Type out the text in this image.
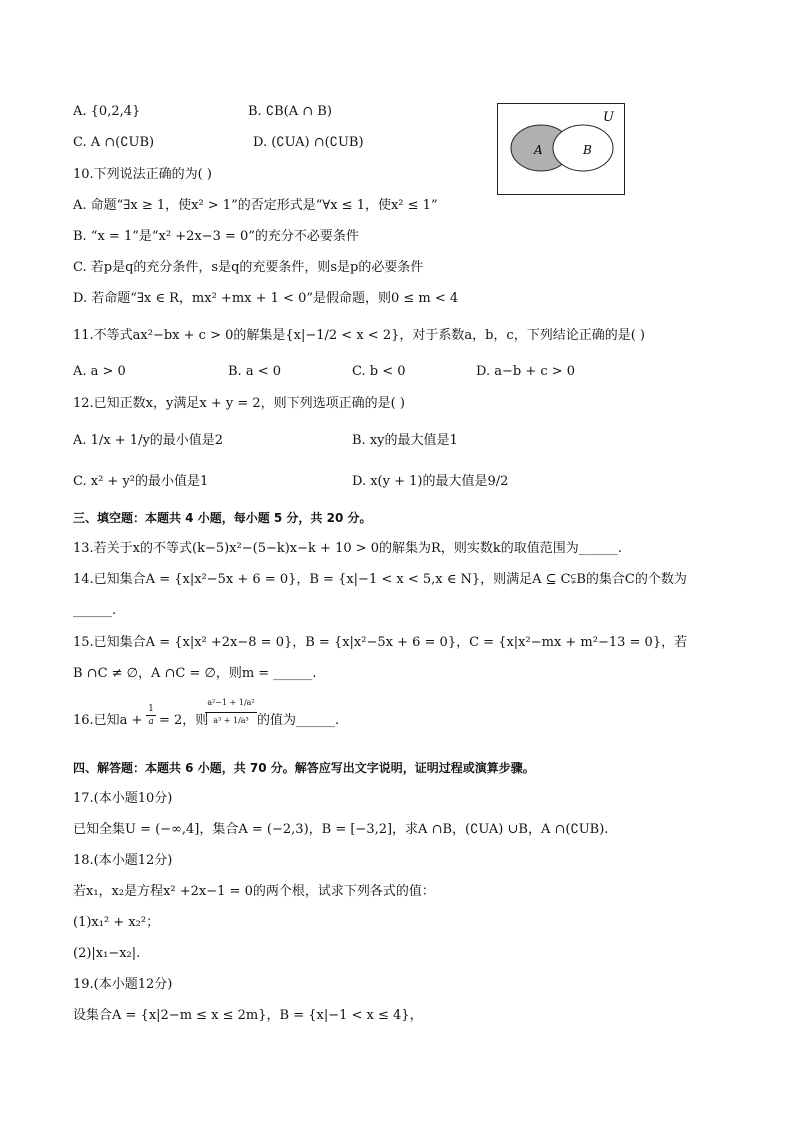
A. {0,2,4}	B. ∁B(A ∩ B)
C. A ∩(∁UB)	D. (∁UA) ∩(∁UB)
U
A	B
10.下列说法正确的为( )
A. 命题“∃x ≥ 1，使x² > 1”的否定形式是“∀x ≤ 1，使x² ≤ 1”
B. “x = 1”是“x² +2x−3 = 0”的充分不必要条件
C. 若p是q的充分条件，s是q的充要条件，则s是p的必要条件
D. 若命题“∃x ∈ R，mx² +mx + 1 < 0”是假命题，则0 ≤ m < 4
11.不等式ax²−bx + c > 0的解集是{x|−1/2 < x < 2}，对于系数a，b，c，下列结论正确的是( )
A. a > 0	B. a < 0	C. b < 0	D. a−b + c > 0
12.已知正数x，y满足x + y = 2，则下列选项正确的是( )
A. 1/x + 1/y的最小值是2	B. xy的最大值是1
C. x² + y²的最小值是1	D. x(y + 1)的最大值是9/2
三、填空题：本题共 4 小题，每小题 5 分，共 20 分。
13.若关于x的不等式(k−5)x²−(5−k)x−k + 10 > 0的解集为R，则实数k的取值范围为______.
14.已知集合A = {x|x²−5x + 6 = 0}，B = {x|−1 < x < 5,x ∈ N}，则满足A ⊆ C⫋B的集合C的个数为
______.
15.已知集合A = {x|x² +2x−8 = 0}，B = {x|x²−5x + 6 = 0}，C = {x|x²−mx + m²−13 = 0}，若
B ∩C ≠ ∅，A ∩C = ∅，则m = ______.
16.已知a +
1
a = 2，则
a²−1 + 1/a²
a³ + 1/a³ 的值为______.
四、解答题：本题共 6 小题，共 70 分。解答应写出文字说明，证明过程或演算步骤。
17.(本小题10分)
已知全集U = (−∞,4]，集合A = (−2,3)，B = [−3,2]，求A ∩B，(∁UA) ∪B，A ∩(∁UB).
18.(本小题12分)
若x₁，x₂是方程x² +2x−1 = 0的两个根，试求下列各式的值：
(1)x₁² + x₂²；
(2)|x₁−x₂|.
19.(本小题12分)
设集合A = {x|2−m ≤ x ≤ 2m}，B = {x|−1 < x ≤ 4}，
